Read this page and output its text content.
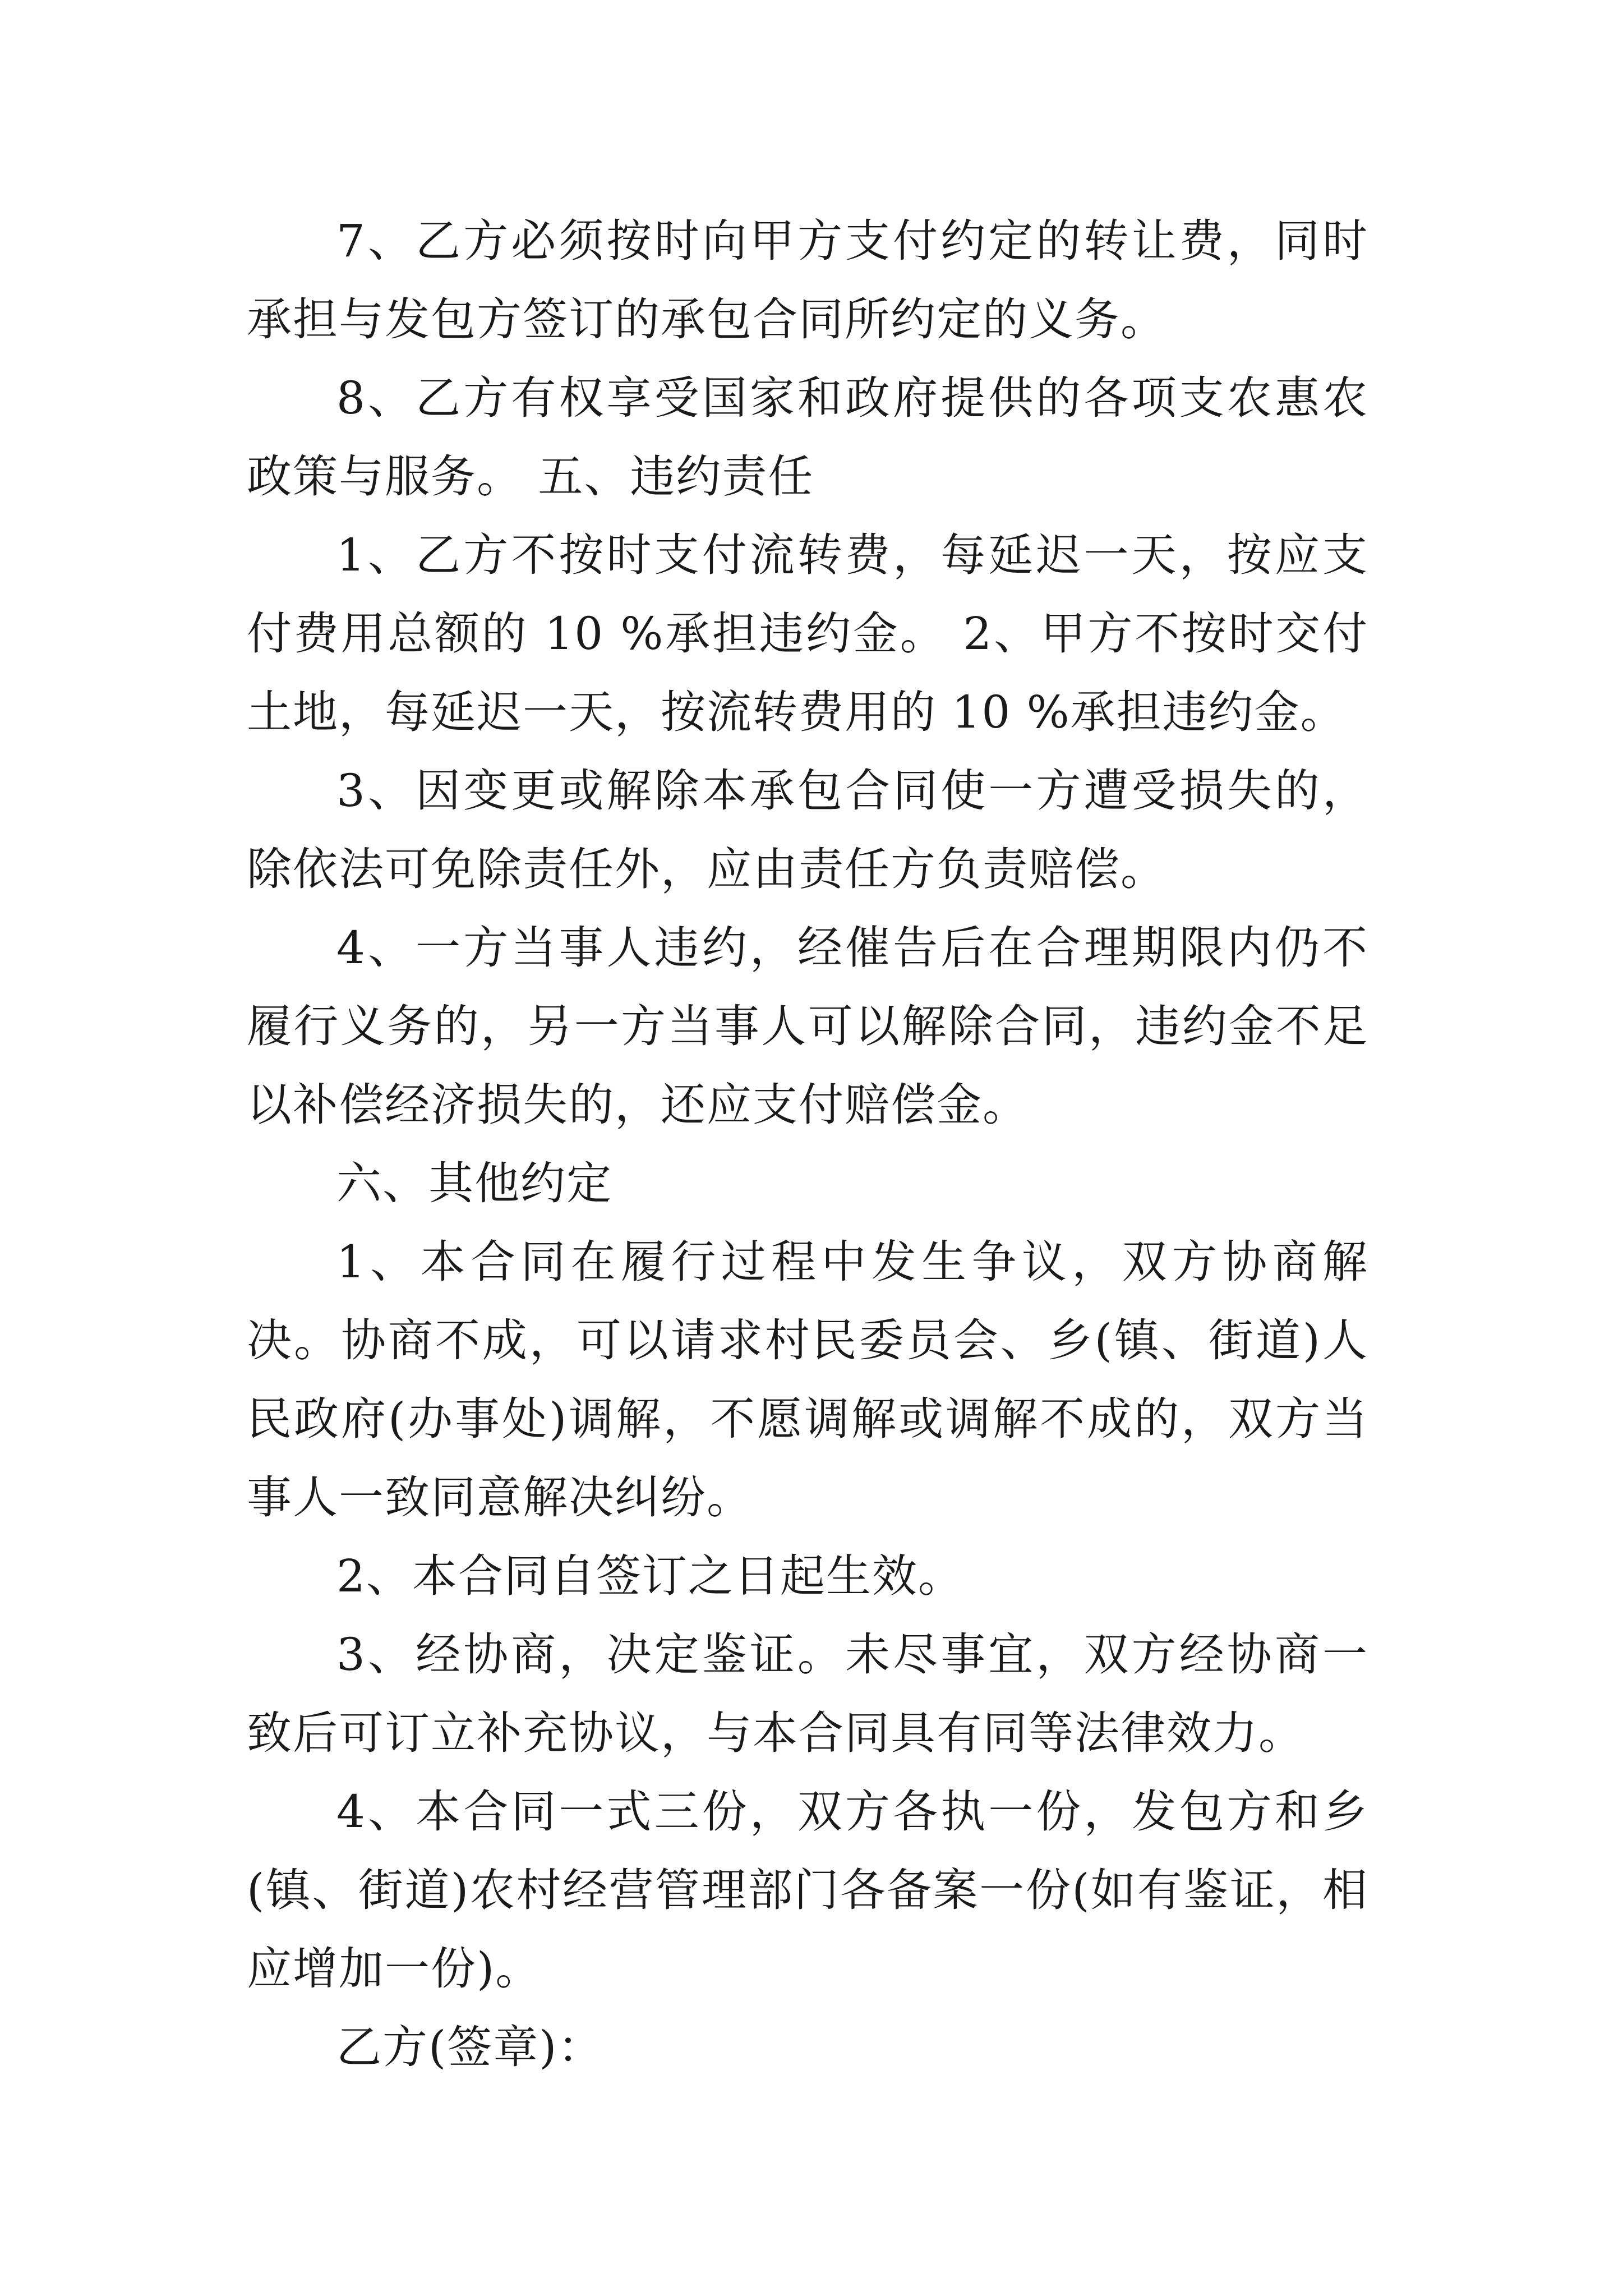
7、乙方必须按时向甲方支付约定的转让费，同时承担与发包方签订的承包合同所约定的义务。

8、乙方有权享受国家和政府提供的各项支农惠农政策与服务。 五、违约责任

1、乙方不按时支付流转费，每延迟一天，按应支付费用总额的 10 %承担违约金。 2、甲方不按时交付土地，每延迟一天，按流转费用的 10 %承担违约金。

3、因变更或解除本承包合同使一方遭受损失的，除依法可免除责任外，应由责任方负责赔偿。

4、一方当事人违约，经催告后在合理期限内仍不履行义务的，另一方当事人可以解除合同，违约金不足以补偿经济损失的，还应支付赔偿金。

六、其他约定

1、本合同在履行过程中发生争议，双方协商解决。协商不成，可以请求村民委员会、乡(镇、街道)人民政府(办事处)调解，不愿调解或调解不成的，双方当事人一致同意解决纠纷。

2、本合同自签订之日起生效。

3、经协商，决定鉴证。未尽事宜，双方经协商一致后可订立补充协议，与本合同具有同等法律效力。

4、本合同一式三份，双方各执一份，发包方和乡(镇、街道)农村经营管理部门各备案一份(如有鉴证，相应增加一份)。

乙方(签章)：
